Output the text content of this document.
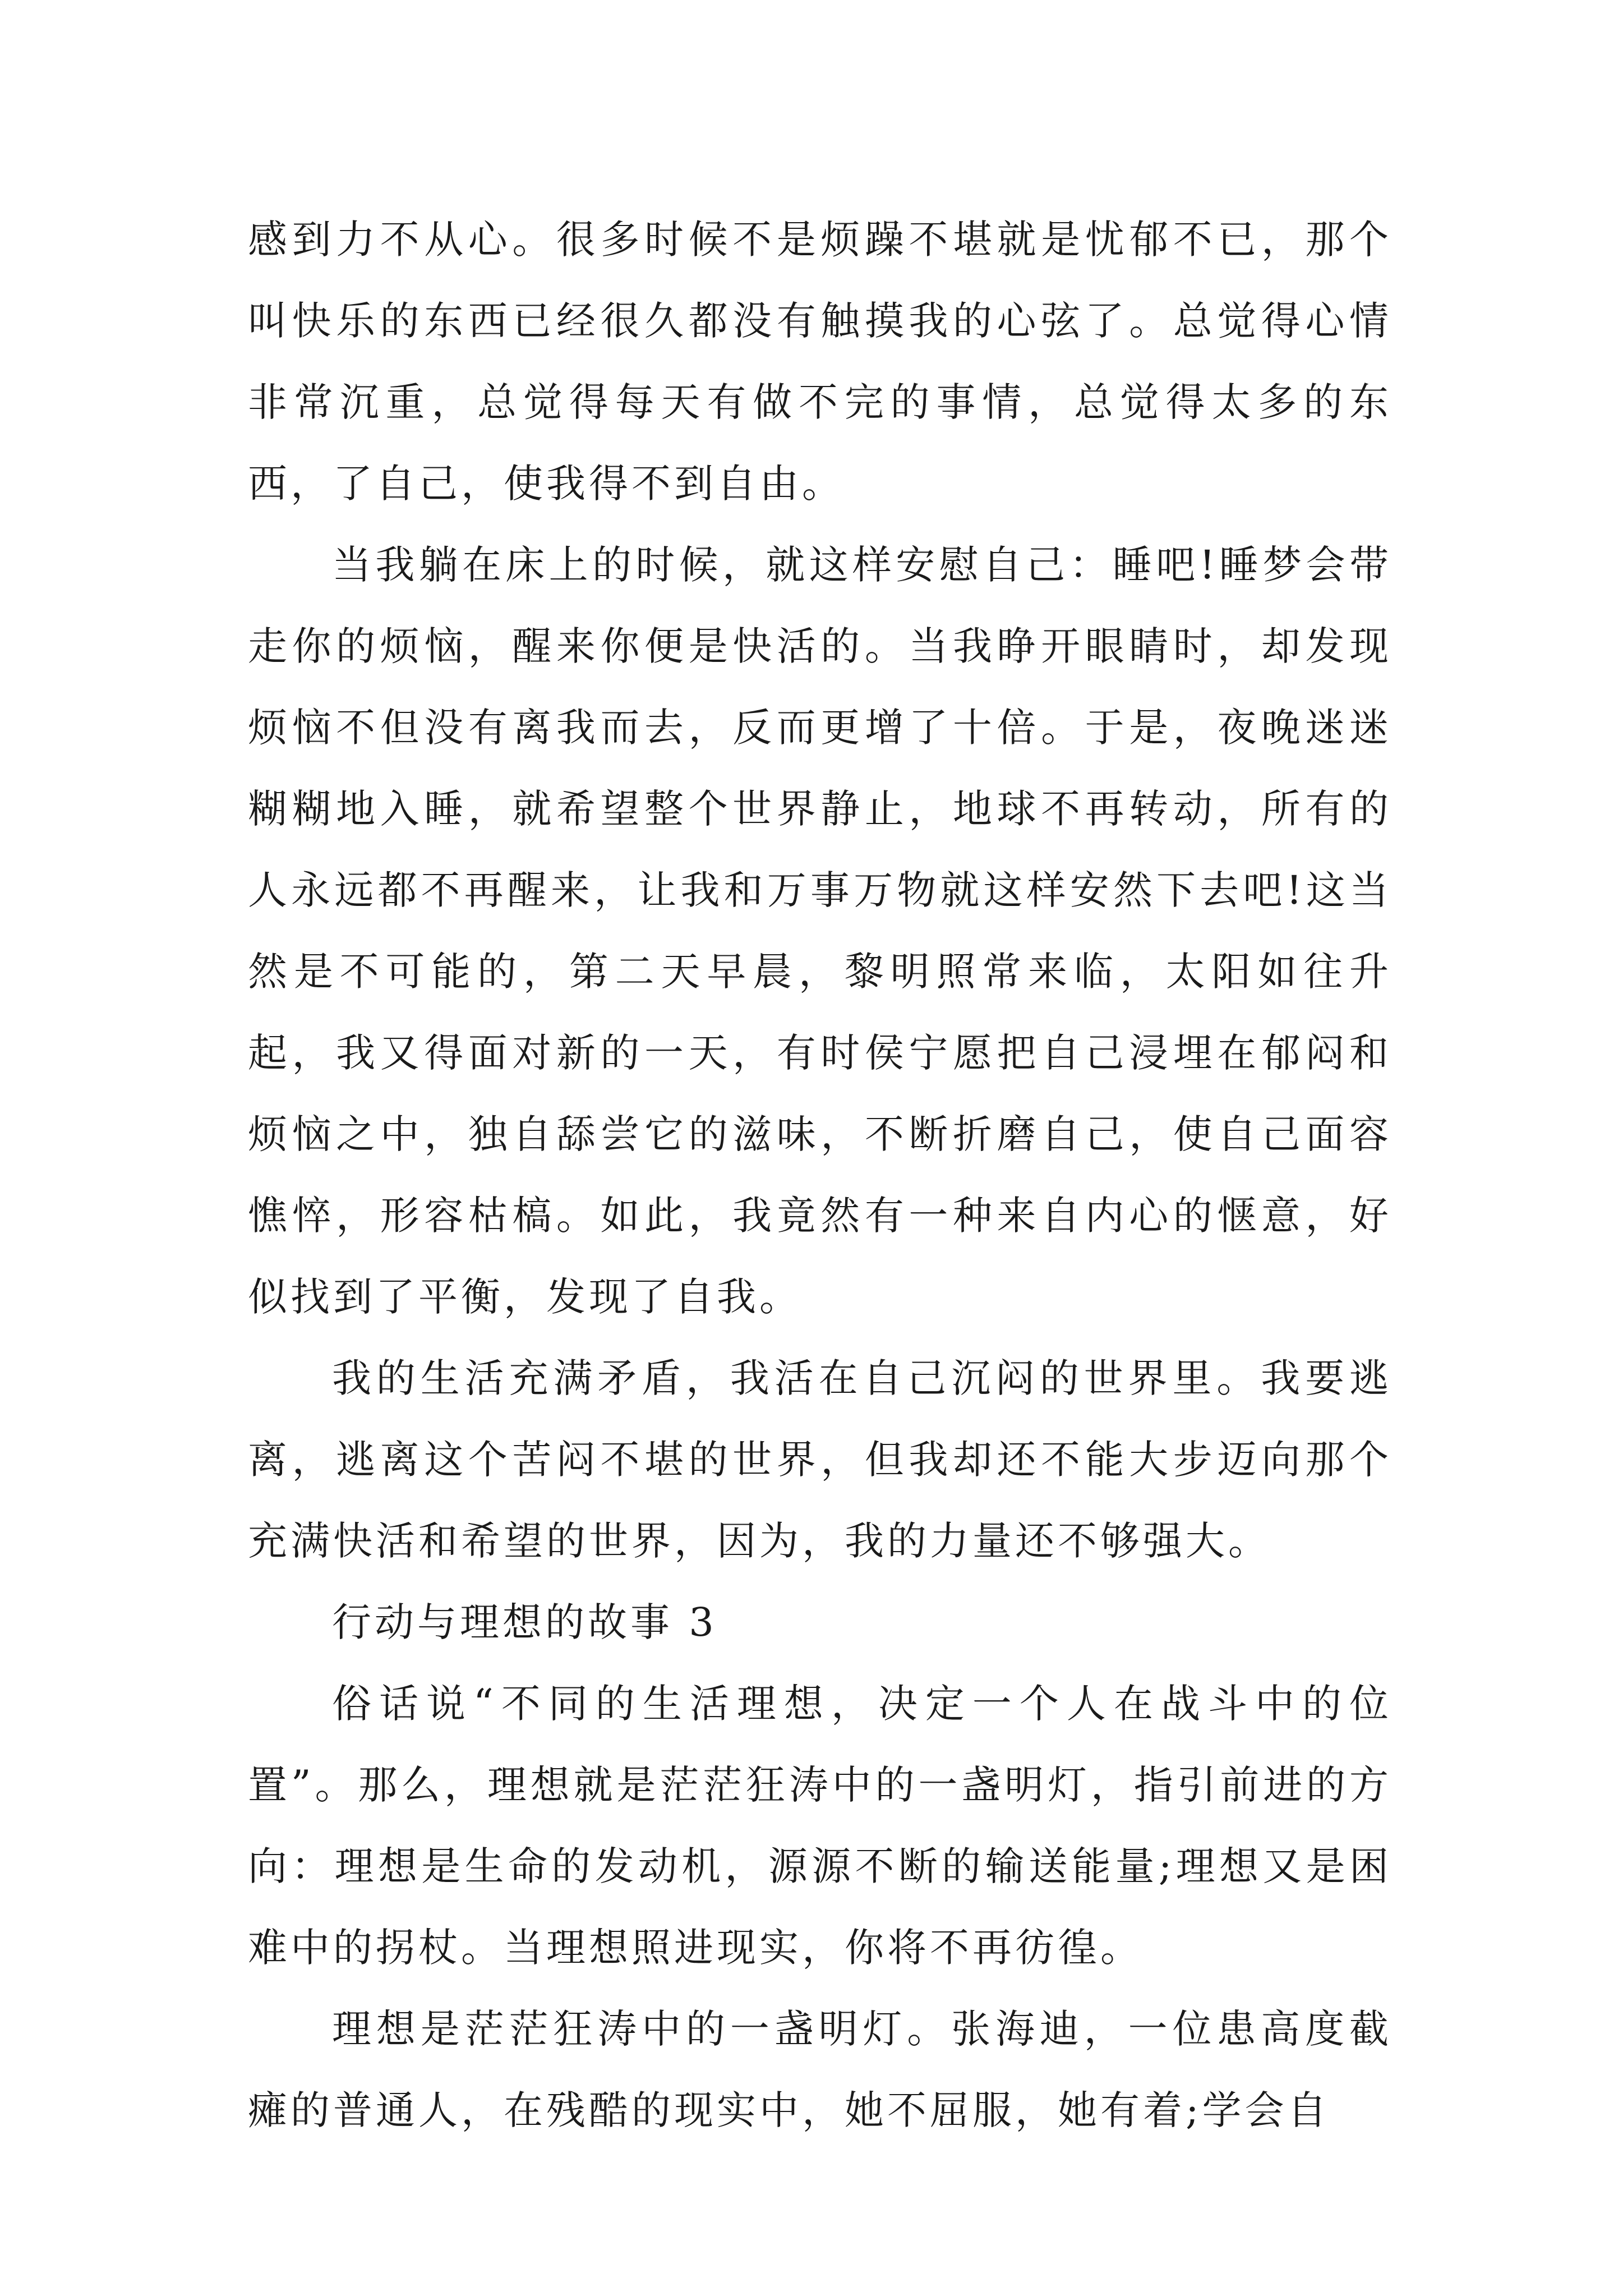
感到力不从心。很多时候不是烦躁不堪就是忧郁不已，那个叫快乐的东西已经很久都没有触摸我的心弦了。总觉得心情非常沉重，总觉得每天有做不完的事情，总觉得太多的东西，了自己，使我得不到自由。

当我躺在床上的时候，就这样安慰自己：睡吧!睡梦会带走你的烦恼，醒来你便是快活的。当我睁开眼睛时，却发现烦恼不但没有离我而去，反而更增了十倍。于是，夜晚迷迷糊糊地入睡，就希望整个世界静止，地球不再转动，所有的人永远都不再醒来，让我和万事万物就这样安然下去吧!这当然是不可能的，第二天早晨，黎明照常来临，太阳如往升起，我又得面对新的一天，有时侯宁愿把自己浸埋在郁闷和烦恼之中，独自舔尝它的滋味，不断折磨自己，使自己面容憔悴，形容枯槁。如此，我竟然有一种来自内心的惬意，好似找到了平衡，发现了自我。

我的生活充满矛盾，我活在自己沉闷的世界里。我要逃离，逃离这个苦闷不堪的世界，但我却还不能大步迈向那个充满快活和希望的世界，因为，我的力量还不够强大。

行动与理想的故事 3

俗话说“不同的生活理想，决定一个人在战斗中的位置”。那么，理想就是茫茫狂涛中的一盏明灯，指引前进的方向：理想是生命的发动机，源源不断的输送能量;理想又是困难中的拐杖。当理想照进现实，你将不再彷徨。

理想是茫茫狂涛中的一盏明灯。张海迪，一位患高度截瘫的普通人，在残酷的现实中，她不屈服，她有着;学会自
